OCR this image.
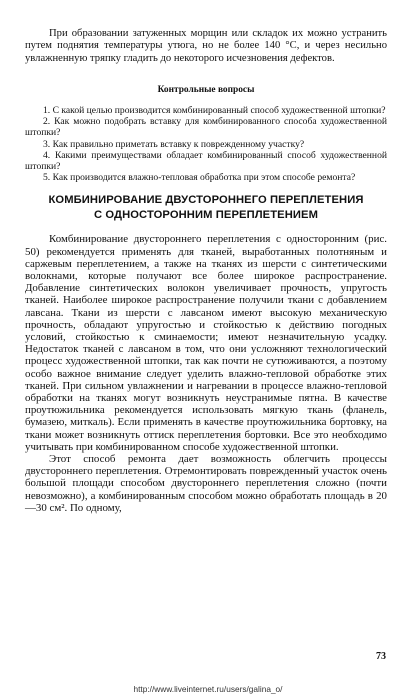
При образовании затуженных морщин или складок их можно устранить путем поднятия температуры утюга, но не более 140 °С, и через несильно увлажненную тряпку гладить до некоторого исчезновения дефектов.

Контрольные вопросы
1. С какой целью производится комбинированный способ художественной штопки?
2. Как можно подобрать вставку для комбинированного способа художественной штопки?
3. Как правильно приметать вставку к поврежденному участку?
4. Какими преимуществами обладает комбинированный способ художественной штопки?
5. Как производится влажно-тепловая обработка при этом способе ремонта?
КОМБИНИРОВАНИЕ ДВУСТОРОННЕГО ПЕРЕПЛЕТЕНИЯ
С ОДНОСТОРОННИМ ПЕРЕПЛЕТЕНИЕМ

Комбинирование двустороннего переплетения с односторонним (рис. 50) рекомендуется применять для тканей, выработанных полотняным и саржевым переплетением, а также на тканях из шерсти с синтетическими волокнами, которые получают все более широкое распространение. Добавление синтетических волокон увеличивает прочность, упругость тканей. Наиболее широкое распространение получили ткани с добавлением лавсана. Ткани из шерсти с лавсаном имеют высокую механическую прочность, обладают упругостью и стойкостью к действию погодных условий, стойкостью к сминаемости; имеют незначительную усадку. Недостаток тканей с лавсаном в том, что они усложняют технологический процесс художественной штопки, так как почти не сутюживаются, а поэтому особо важное внимание следует уделить влажно-тепловой обработке этих тканей. При сильном увлажнении и нагревании в процессе влажно-тепловой обработки на тканях могут возникнуть неустранимые пятна. В качестве проутюжильника рекомендуется использовать мягкую ткань (фланель, бумазею, миткаль). Если применять в качестве проутюжильника бортовку, на ткани может возникнуть оттиск переплетения бортовки. Все это необходимо учитывать при комбинированном способе художественной штопки.

Этот способ ремонта дает возможность облегчить процессы двустороннего переплетения. Отремонтировать поврежденный участок очень большой площади способом двустороннего переплетения сложно (почти невозможно), а комбинированным способом можно обработать площадь в 20—30 см². По одному,

73
http://www.liveinternet.ru/users/galina_o/
